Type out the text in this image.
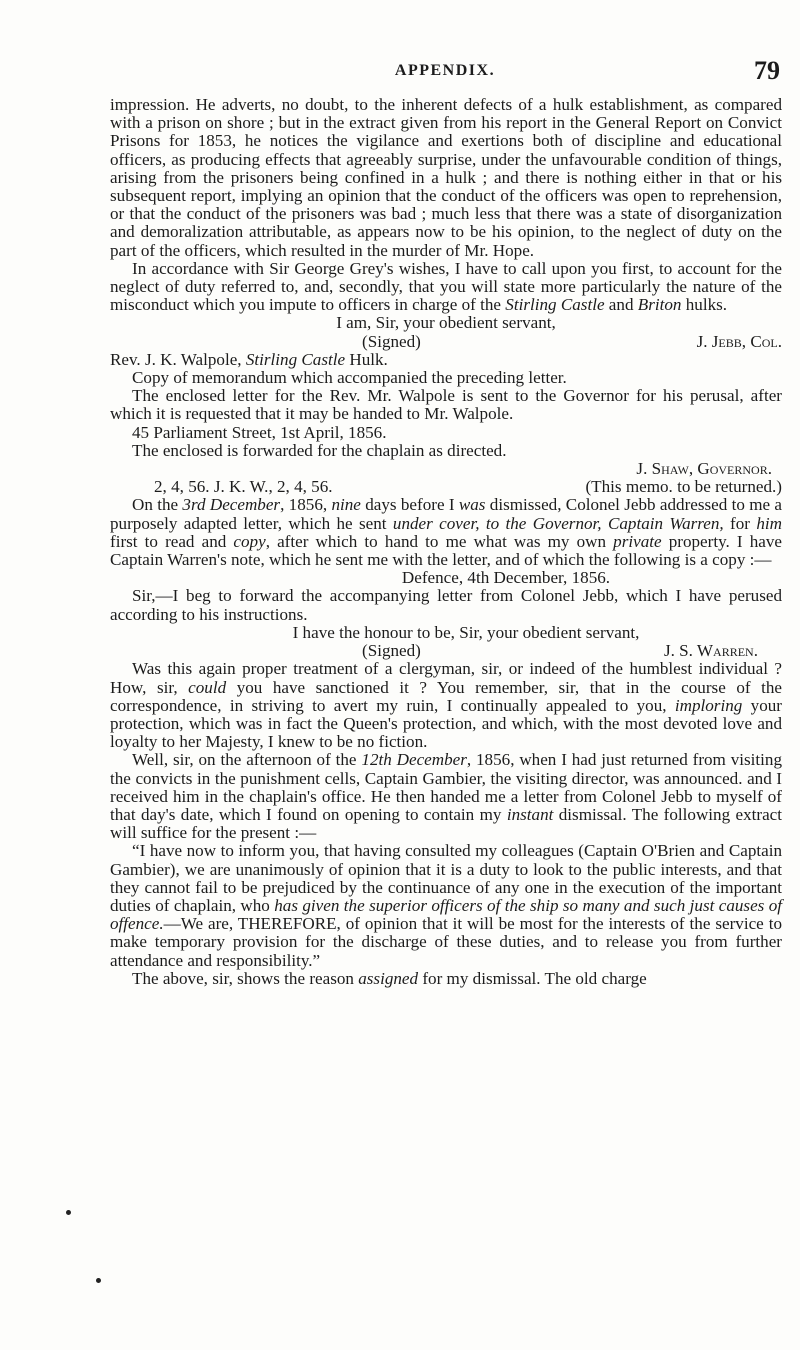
APPENDIX.	79

impression. He adverts, no doubt, to the inherent defects of a hulk establishment, as compared with a prison on shore ; but in the extract given from his report in the General Report on Convict Prisons for 1853, he notices the vigilance and exertions both of discipline and educational officers, as producing effects that agreeably surprise, under the unfavourable condition of things, arising from the prisoners being confined in a hulk ; and there is nothing either in that or his subsequent report, implying an opinion that the conduct of the officers was open to reprehension, or that the conduct of the prisoners was bad ; much less that there was a state of disorganization and demoralization attributable, as appears now to be his opinion, to the neglect of duty on the part of the officers, which resulted in the murder of Mr. Hope.

In accordance with Sir George Grey's wishes, I have to call upon you first, to account for the neglect of duty referred to, and, secondly, that you will state more particularly the nature of the misconduct which you impute to officers in charge of the Stirling Castle and Briton hulks.

I am, Sir, your obedient servant,

(Signed)	J. Jebb, Col.

Rev. J. K. Walpole, Stirling Castle Hulk.

Copy of memorandum which accompanied the preceding letter.

The enclosed letter for the Rev. Mr. Walpole is sent to the Governor for his perusal, after which it is requested that it may be handed to Mr. Walpole.

45 Parliament Street, 1st April, 1856.

The enclosed is forwarded for the chaplain as directed.

J. Shaw, Governor.

2, 4, 56. J. K. W., 2, 4, 56.	(This memo. to be returned.)

On the 3rd December, 1856, nine days before I was dismissed, Colonel Jebb addressed to me a purposely adapted letter, which he sent under cover, to the Governor, Captain Warren, for him first to read and copy, after which to hand to me what was my own private property. I have Captain Warren's note, which he sent me with the letter, and of which the following is a copy :—

Defence, 4th December, 1856.

Sir,—I beg to forward the accompanying letter from Colonel Jebb, which I have perused according to his instructions.

I have the honour to be, Sir, your obedient servant,

(Signed)	J. S. Warren.

Was this again proper treatment of a clergyman, sir, or indeed of the humblest individual ? How, sir, could you have sanctioned it ? You remember, sir, that in the course of the correspondence, in striving to avert my ruin, I continually appealed to you, imploring your protection, which was in fact the Queen's protection, and which, with the most devoted love and loyalty to her Majesty, I knew to be no fiction.

Well, sir, on the afternoon of the 12th December, 1856, when I had just returned from visiting the convicts in the punishment cells, Captain Gambier, the visiting director, was announced. and I received him in the chaplain's office. He then handed me a letter from Colonel Jebb to myself of that day's date, which I found on opening to contain my instant dismissal. The following extract will suffice for the present :—

“I have now to inform you, that having consulted my colleagues (Captain O'Brien and Captain Gambier), we are unanimously of opinion that it is a duty to look to the public interests, and that they cannot fail to be prejudiced by the continuance of any one in the execution of the important duties of chaplain, who has given the superior officers of the ship so many and such just causes of offence.—We are, THEREFORE, of opinion that it will be most for the interests of the service to make temporary provision for the discharge of these duties, and to release you from further attendance and responsibility.”

The above, sir, shows the reason assigned for my dismissal. The old charge
